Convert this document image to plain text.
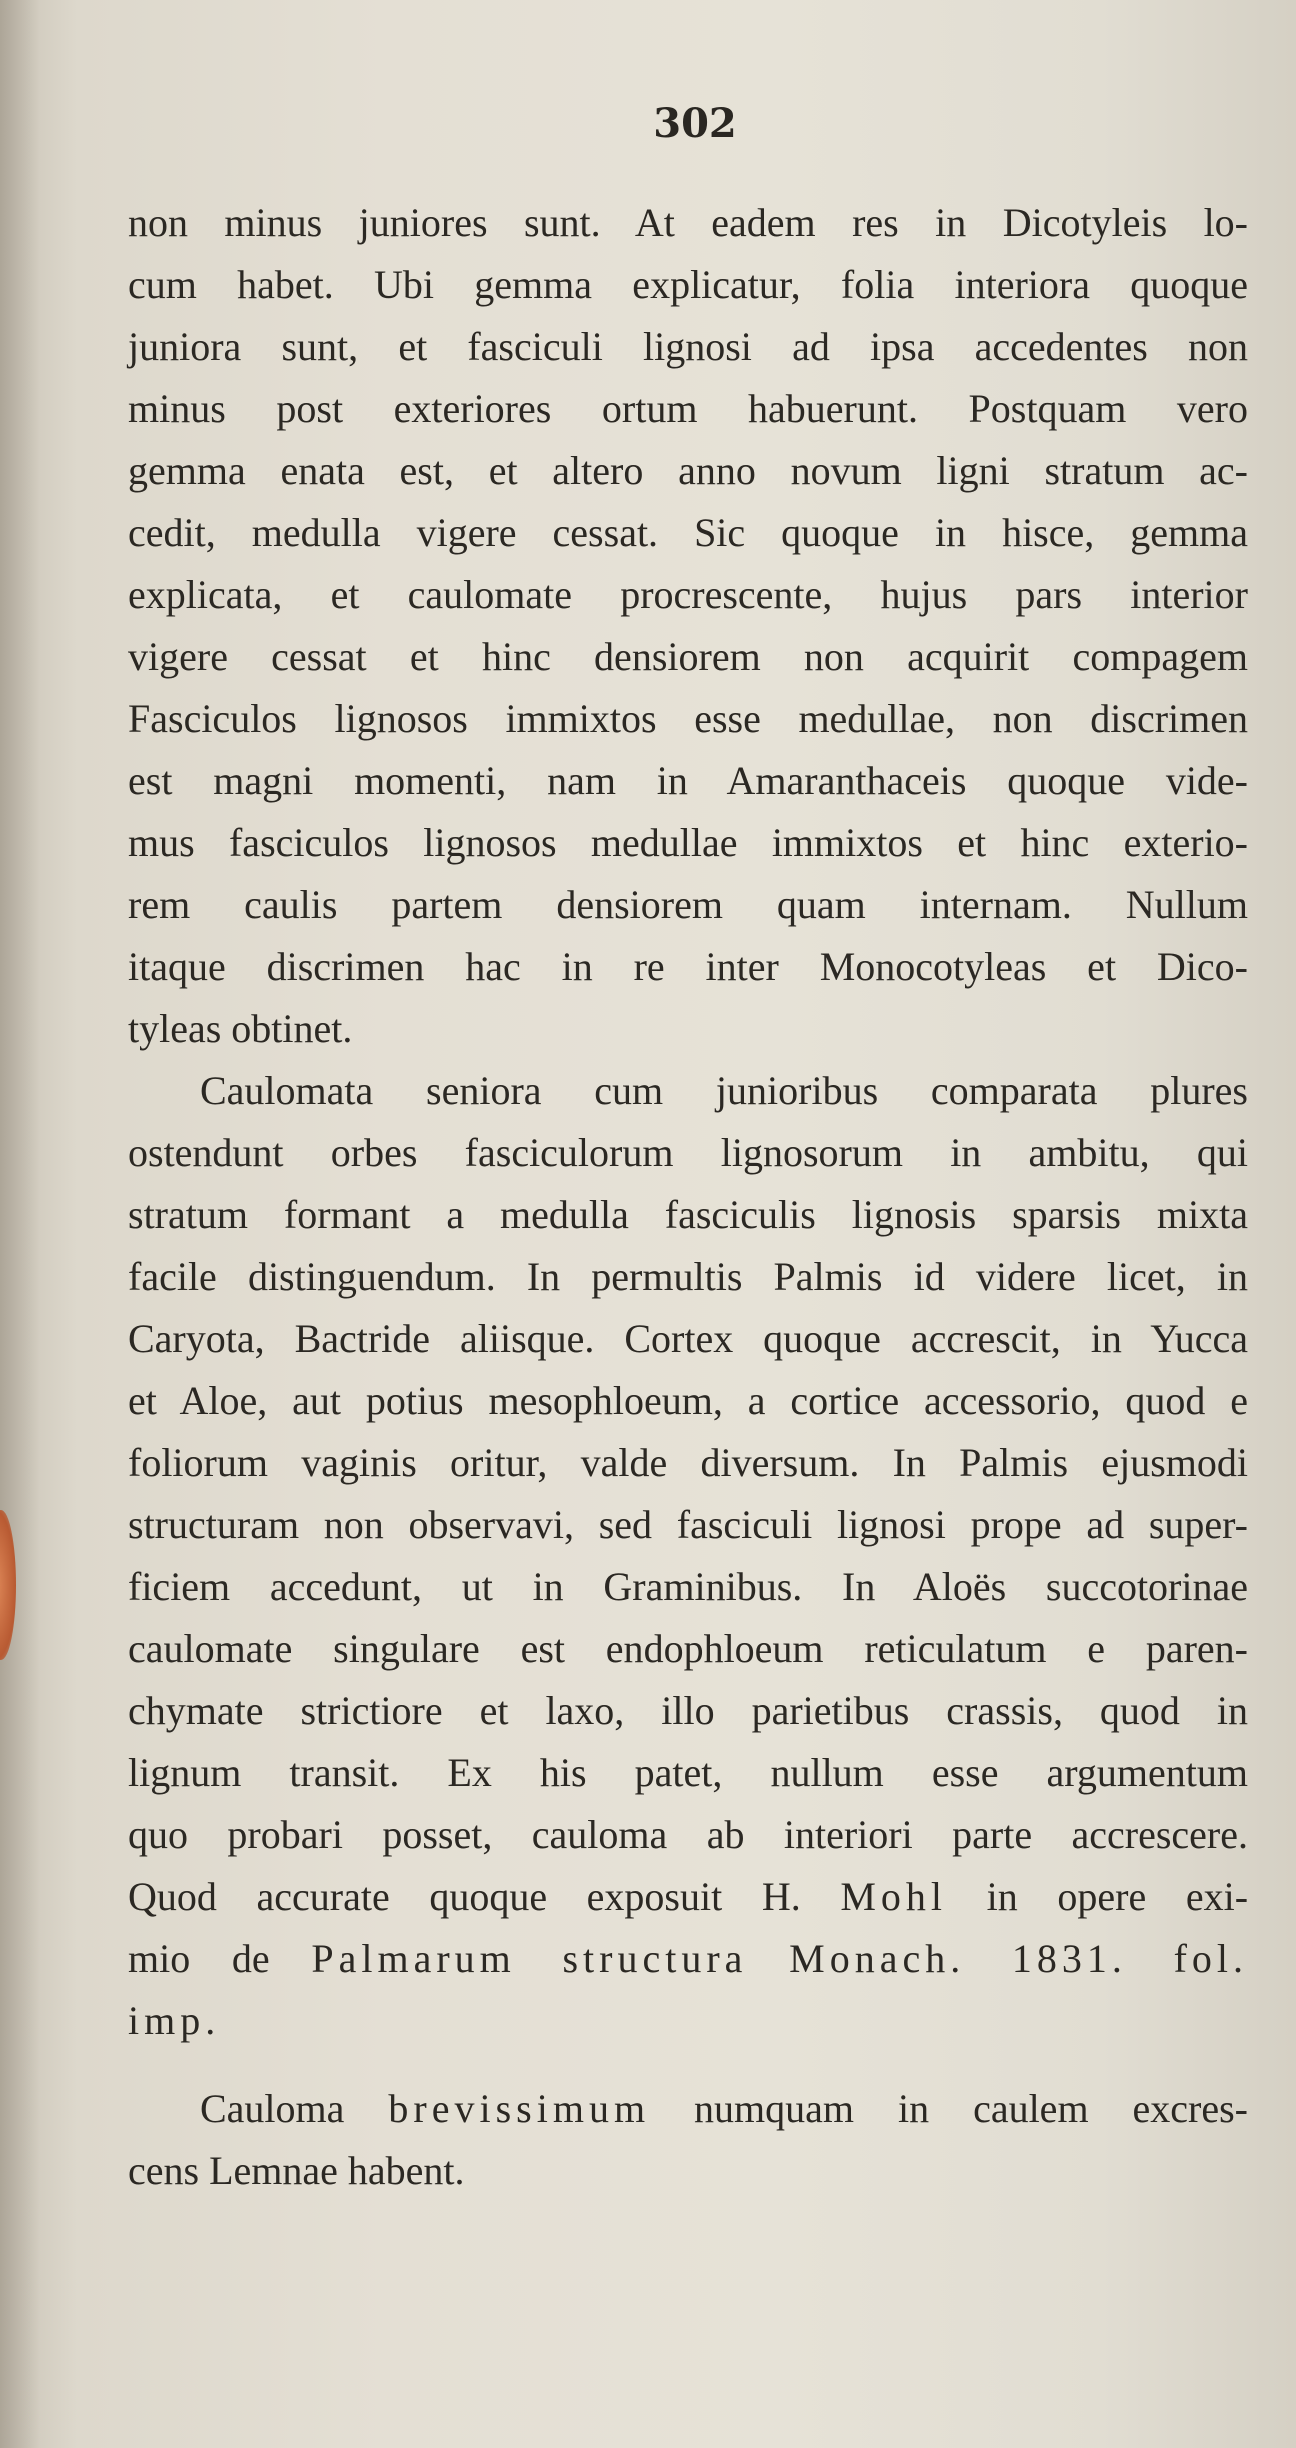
302
non minus juniores sunt. At eadem res in Dicotyleis lo-
cum habet. Ubi gemma explicatur, folia interiora quoque
juniora sunt, et fasciculi lignosi ad ipsa accedentes non
minus post exteriores ortum habuerunt. Postquam vero
gemma enata est, et altero anno novum ligni stratum ac-
cedit, medulla vigere cessat. Sic quoque in hisce, gemma
explicata, et caulomate procrescente, hujus pars interior
vigere cessat et hinc densiorem non acquirit compagem
Fasciculos lignosos immixtos esse medullae, non discrimen
est magni momenti, nam in Amaranthaceis quoque vide-
mus fasciculos lignosos medullae immixtos et hinc exterio-
rem caulis partem densiorem quam internam. Nullum
itaque discrimen hac in re inter Monocotyleas et Dico-
tyleas obtinet.
Caulomata seniora cum junioribus comparata plures
ostendunt orbes fasciculorum lignosorum in ambitu, qui
stratum formant a medulla fasciculis lignosis sparsis mixta
facile distinguendum. In permultis Palmis id videre licet, in
Caryota, Bactride aliisque. Cortex quoque accrescit, in Yucca
et Aloe, aut potius mesophloeum, a cortice accessorio, quod e
foliorum vaginis oritur, valde diversum. In Palmis ejusmodi
structuram non observavi, sed fasciculi lignosi prope ad super-
ficiem accedunt, ut in Graminibus. In Aloës succotorinae
caulomate singulare est endophloeum reticulatum e paren-
chymate strictiore et laxo, illo parietibus crassis, quod in
lignum transit. Ex his patet, nullum esse argumentum
quo probari posset, cauloma ab interiori parte accrescere.
Quod accurate quoque exposuit H. Mohl in opere exi-
mio de Palmarum structura Monach. 1831. fol.
imp.
Cauloma brevissimum numquam in caulem excres-
cens Lemnae habent.
